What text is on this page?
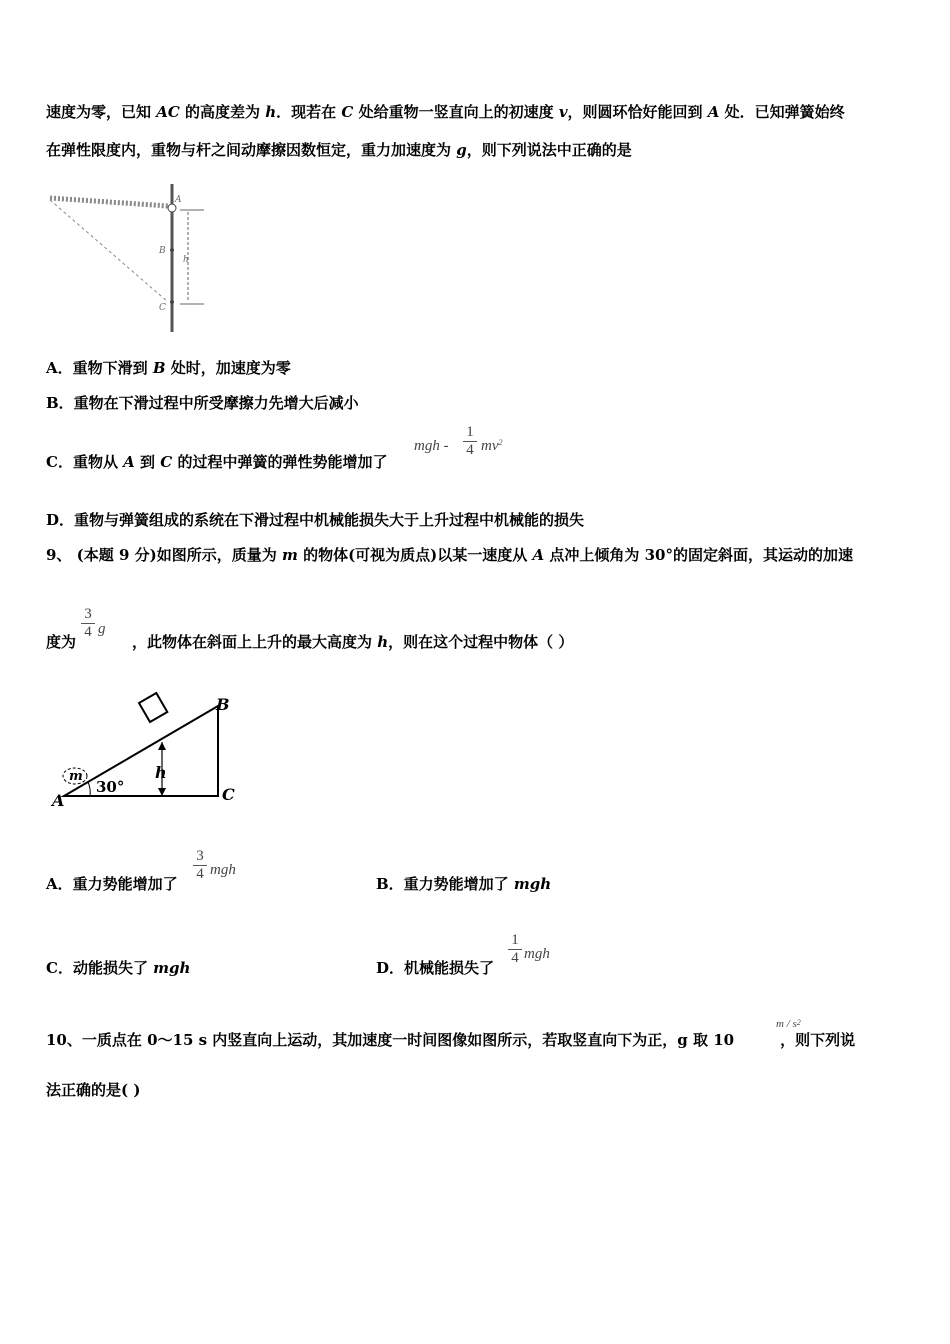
速度为零，已知 AC 的高度差为 h．现若在 C 处给重物一竖直向上的初速度 v，则圆环恰好能回到 A 处．已知弹簧始终
在弹性限度内，重物与杆之间动摩擦因数恒定，重力加速度为 g，则下列说法中正确的是
A
B
C
h
A．重物下滑到 B 处时，加速度为零
B．重物在下滑过程中所受摩擦力先增大后减小
C．重物从 A 到 C 的过程中弹簧的弹性势能增加了
mgh -
1
4 $mv^2$
D．重物与弹簧组成的系统在下滑过程中机械能损失大于上升过程中机械能的损失
9、 (本题 9 分)如图所示，质量为 m 的物体(可视为质点)以某一速度从 A 点冲上倾角为 30°的固定斜面，其运动的加速
度为	，此物体在斜面上上升的最大高度为 h，则在这个过程中物体（ ）
3
4 g
B
C
A
h
m
30°
A．重力势能增加了
3
4 mgh
B．重力势能增加了 mgh
C．动能损失了 mgh	D．机械能损失了
1
4 mgh
10、一质点在 0～15 s 内竖直向上运动，其加速度一时间图像如图所示，若取竖直向下为正，g 取 10	，则下列说
m / $s^2$
法正确的是( )
